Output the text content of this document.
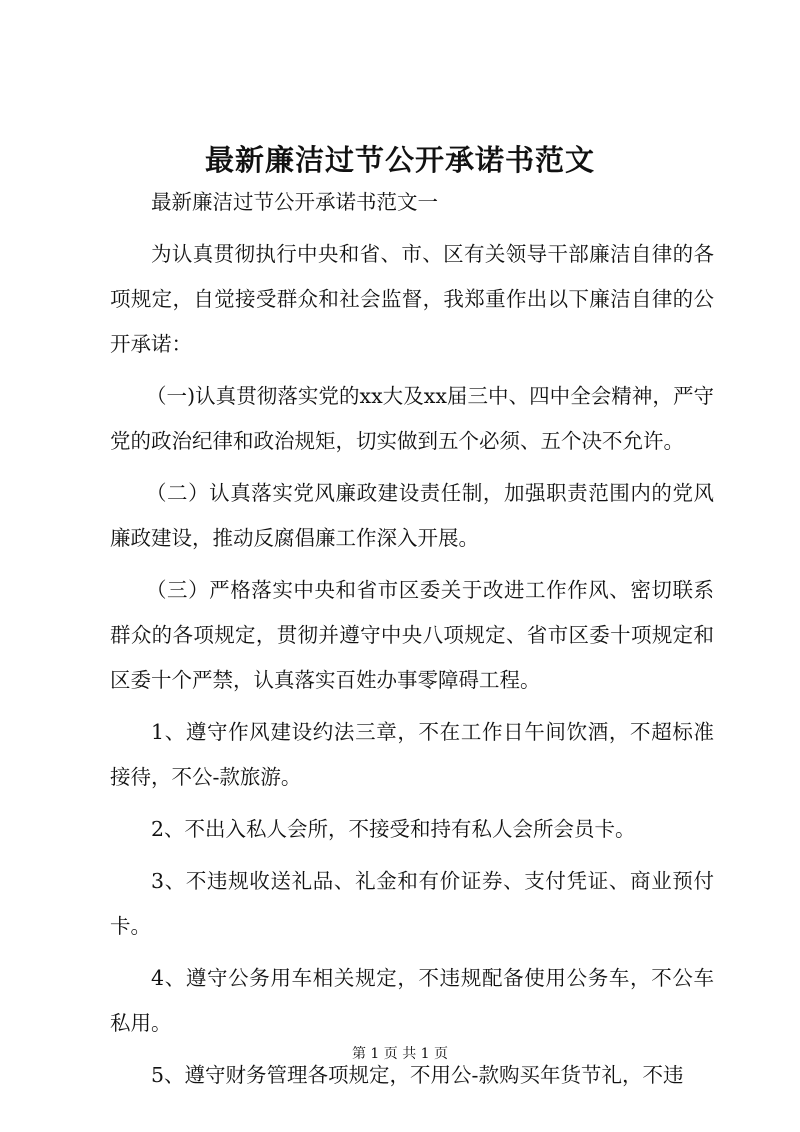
最新廉洁过节公开承诺书范文

最新廉洁过节公开承诺书范文一

为认真贯彻执行中央和省、市、区有关领导干部廉洁自律的各项规定，自觉接受群众和社会监督，我郑重作出以下廉洁自律的公开承诺：

（一)认真贯彻落实党的xx大及xx届三中、四中全会精神，严守党的政治纪律和政治规矩，切实做到五个必须、五个决不允许。

（二）认真落实党风廉政建设责任制，加强职责范围内的党风廉政建设，推动反腐倡廉工作深入开展。

（三）严格落实中央和省市区委关于改进工作作风、密切联系群众的各项规定，贯彻并遵守中央八项规定、省市区委十项规定和区委十个严禁，认真落实百姓办事零障碍工程。

1、遵守作风建设约法三章，不在工作日午间饮酒，不超标准接待，不公-款旅游。

2、不出入私人会所，不接受和持有私人会所会员卡。

3、不违规收送礼品、礼金和有价证券、支付凭证、商业预付卡。

4、遵守公务用车相关规定，不违规配备使用公务车，不公车私用。

5、遵守财务管理各项规定，不用公-款购买年货节礼，不违

第 1 页 共 1 页
